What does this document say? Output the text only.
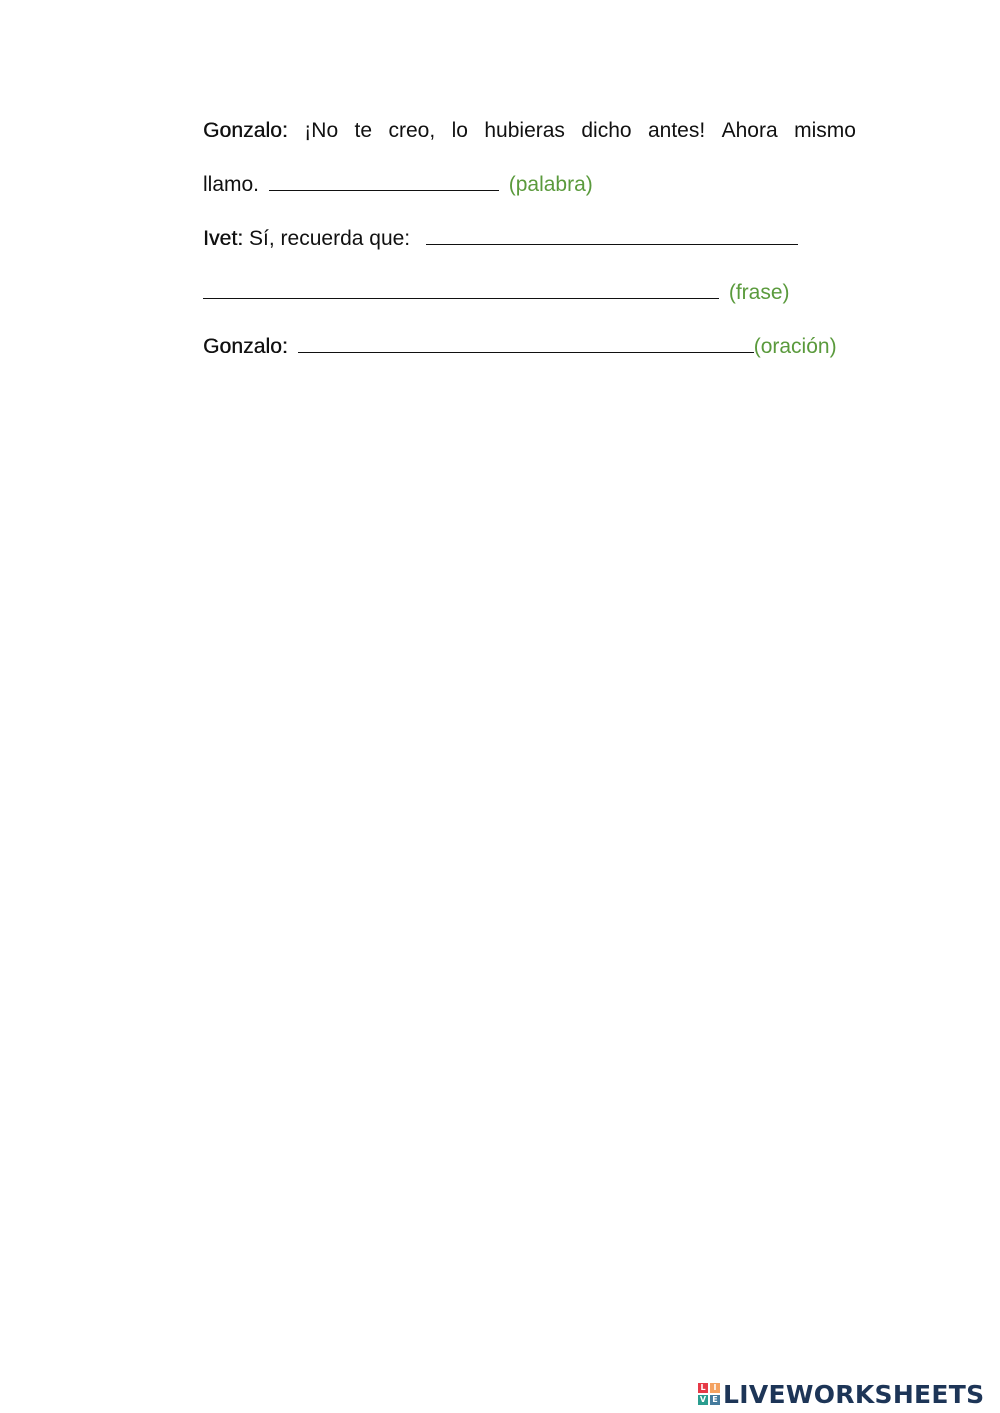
Gonzalo: ¡No te creo, lo hubieras dicho antes! Ahora mismo
llamo.	(palabra)
Ivet: Sí, recuerda que:
(frase)
Gonzalo:	(oración)
L I
V E LIVEWORKSHEETS
